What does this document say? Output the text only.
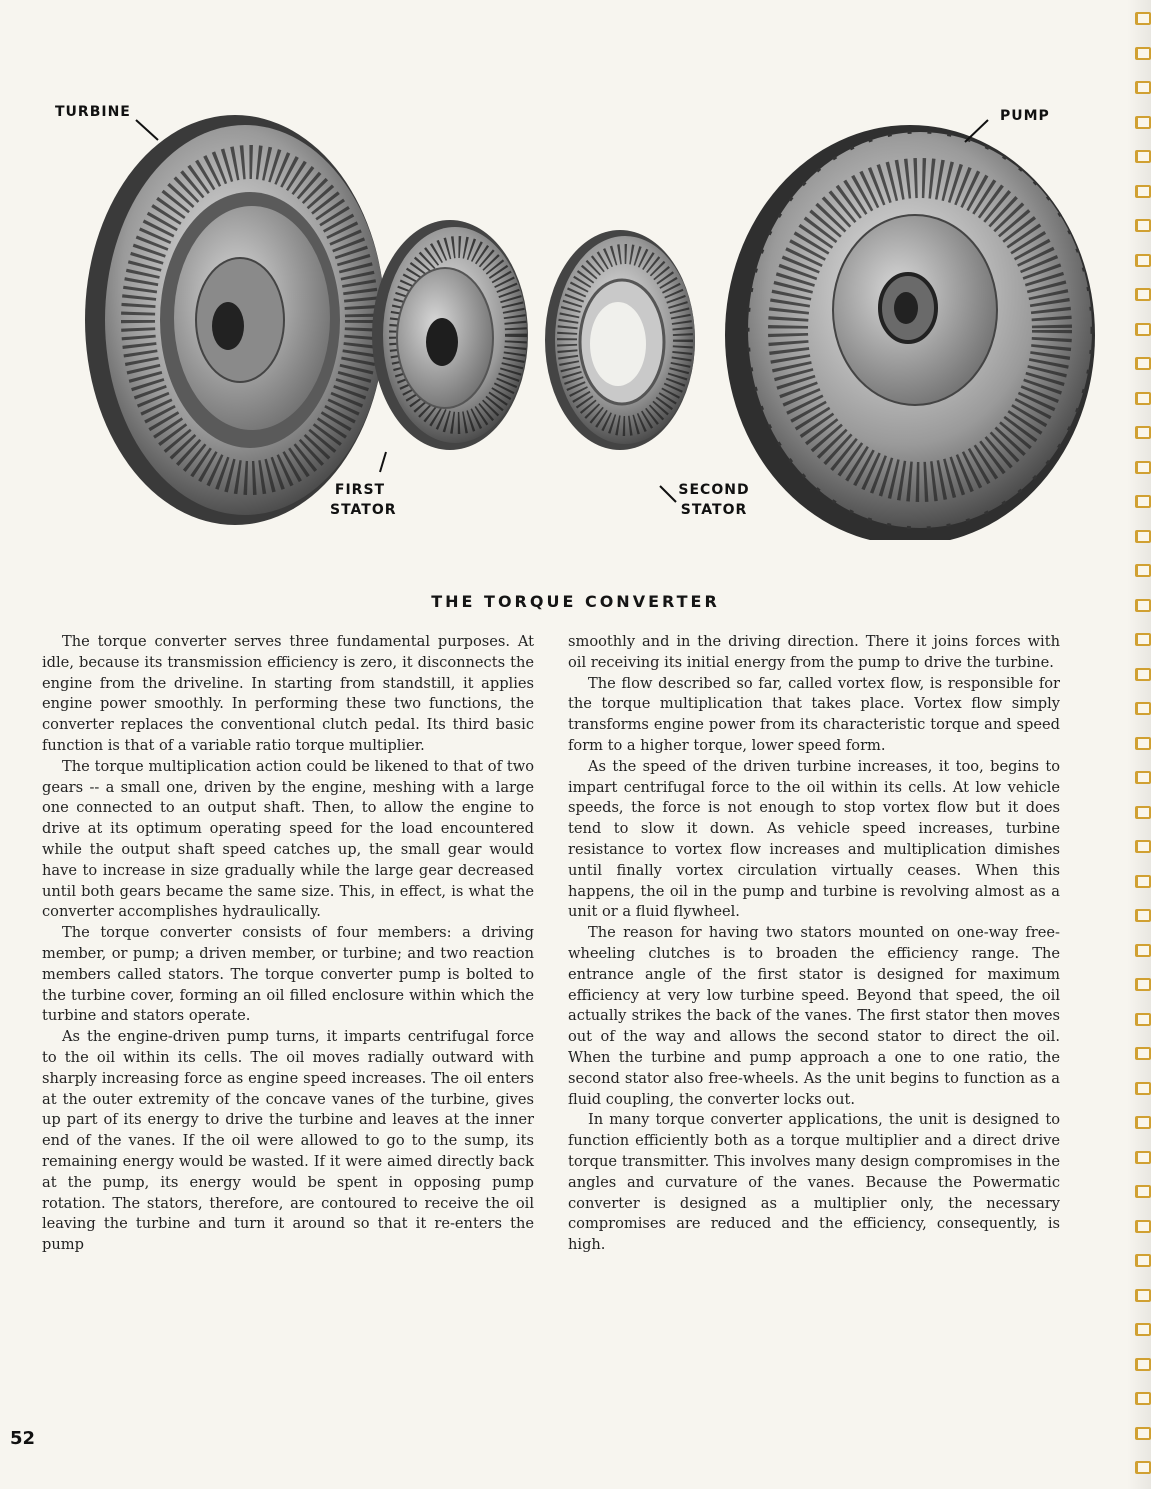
TURBINE	PUMP
FIRST
STATOR
SECOND
STATOR
THE TORQUE CONVERTER

The torque converter serves three fundamental purposes. At idle, because its transmission efficiency is zero, it disconnects the engine from the driveline. In starting from standstill, it applies engine power smoothly. In performing these two functions, the converter replaces the conventional clutch pedal. Its third basic function is that of a variable ratio torque multiplier.

The torque multiplication action could be likened to that of two gears -- a small one, driven by the engine, meshing with a large one connected to an output shaft. Then, to allow the engine to drive at its optimum operating speed for the load encountered while the output shaft speed catches up, the small gear would have to increase in size gradually while the large gear decreased until both gears became the same size. This, in effect, is what the converter accomplishes hydraulically.

The torque converter consists of four members: a driving member, or pump; a driven member, or turbine; and two reaction members called stators. The torque converter pump is bolted to the turbine cover, forming an oil filled enclosure within which the turbine and stators operate.

As the engine-driven pump turns, it imparts centrifugal force to the oil within its cells. The oil moves radially outward with sharply increasing force as engine speed increases. The oil enters at the outer extremity of the concave vanes of the turbine, gives up part of its energy to drive the turbine and leaves at the inner end of the vanes. If the oil were allowed to go to the sump, its remaining energy would be wasted. If it were aimed directly back at the pump, its energy would be spent in opposing pump rotation. The stators, therefore, are contoured to receive the oil leaving the turbine and turn it around so that it re-enters the pump

smoothly and in the driving direction. There it joins forces with oil receiving its initial energy from the pump to drive the turbine.

The flow described so far, called vortex flow, is responsible for the torque multiplication that takes place. Vortex flow simply transforms engine power from its characteristic torque and speed form to a higher torque, lower speed form.

As the speed of the driven turbine increases, it too, begins to impart centrifugal force to the oil within its cells. At low vehicle speeds, the force is not enough to stop vortex flow but it does tend to slow it down. As vehicle speed increases, turbine resistance to vortex flow increases and multiplication dimishes until finally vortex circulation virtually ceases. When this happens, the oil in the pump and turbine is revolving almost as a unit or a fluid flywheel.

The reason for having two stators mounted on one-way free-wheeling clutches is to broaden the efficiency range. The entrance angle of the first stator is designed for maximum efficiency at very low turbine speed. Beyond that speed, the oil actually strikes the back of the vanes. The first stator then moves out of the way and allows the second stator to direct the oil. When the turbine and pump approach a one to one ratio, the second stator also free-wheels. As the unit begins to function as a fluid coupling, the converter locks out.

In many torque converter applications, the unit is designed to function efficiently both as a torque multiplier and a direct drive torque transmitter. This involves many design compromises in the angles and curvature of the vanes. Because the Powermatic converter is designed as a multiplier only, the necessary compromises are reduced and the efficiency, consequently, is high.

52
